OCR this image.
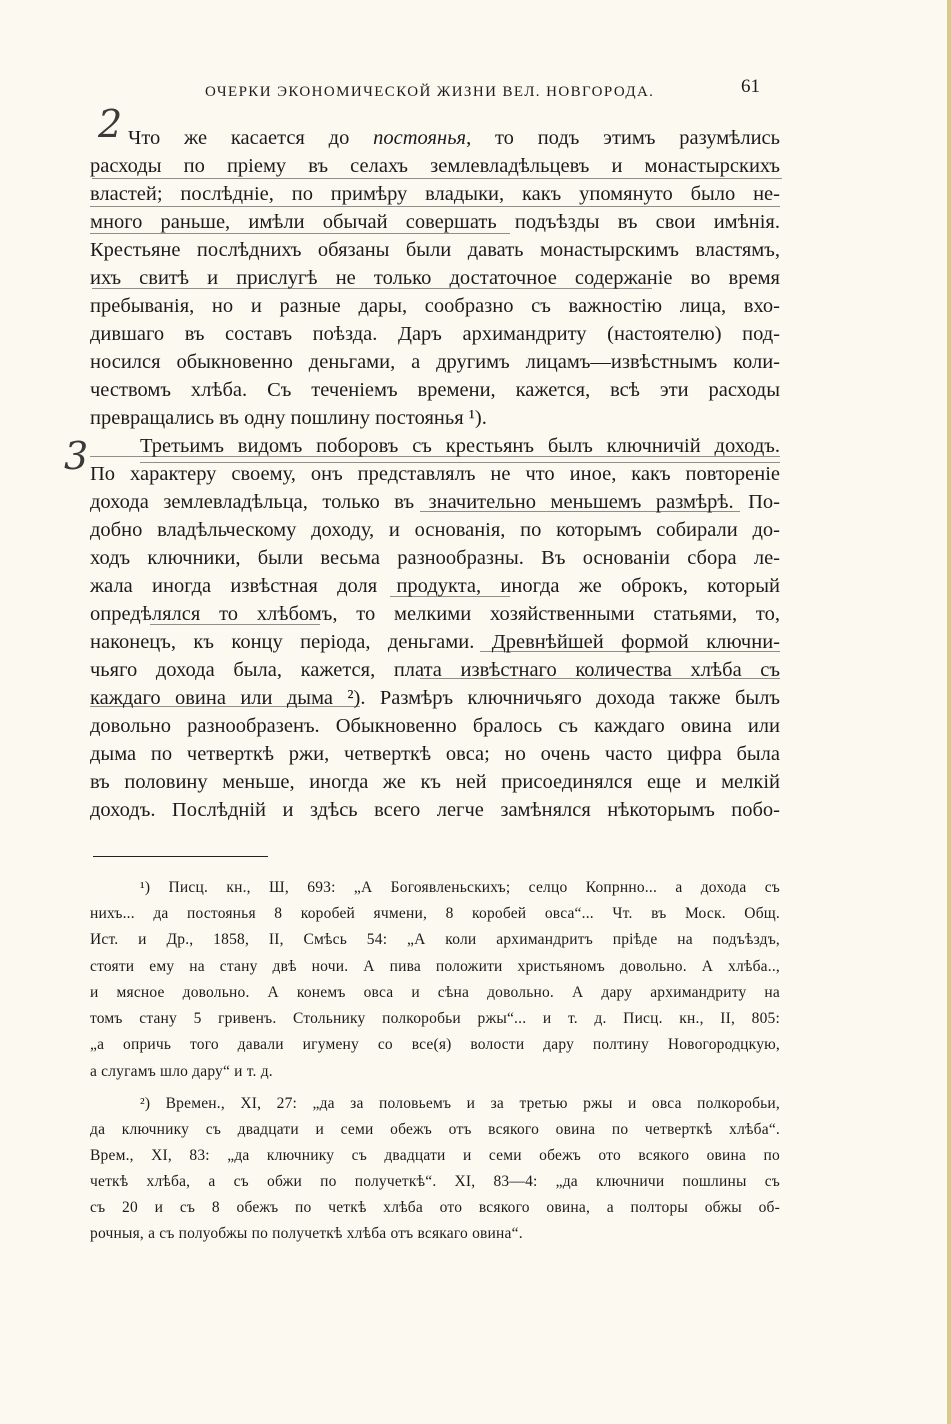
ОЧЕРКИ ЭКОНОМИЧЕСКОЙ ЖИЗНИ ВЕЛ. НОВГОРОДА.	61
2
3
Что же касается до постоянья, то подъ этимъ разумѣлись
расходы по пріему въ селахъ землевладѣльцевъ и монастырскихъ
властей; послѣдніе, по примѣру владыки, какъ упомянуто было не-
много раньше, имѣли обычай совершать подъѣзды въ свои имѣнія.
Крестьяне послѣднихъ обязаны были давать монастырскимъ властямъ,
ихъ свитѣ и прислугѣ не только достаточное содержаніе во время
пребыванія, но и разные дары, сообразно съ важностію лица, вхо-
дившаго въ составъ поѣзда. Даръ архимандриту (настоятелю) под-
носился обыкновенно деньгами, а другимъ лицамъ—извѣстнымъ коли-
чествомъ хлѣба. Съ теченіемъ времени, кажется, всѣ эти расходы
превращались въ одну пошлину постоянья ¹).
Третьимъ видомъ поборовъ съ крестьянъ былъ ключничій доходъ.
По характеру своему, онъ представлялъ не что иное, какъ повтореніе
дохода землевладѣльца, только въ значительно меньшемъ размѣрѣ. По-
добно владѣльческому доходу, и основанія, по которымъ собирали до-
ходъ ключники, были весьма разнообразны. Въ основаніи сбора ле-
жала иногда извѣстная доля продукта, иногда же оброкъ, который
опредѣлялся то хлѣбомъ, то мелкими хозяйственными статьями, то,
наконецъ, къ концу періода, деньгами. Древнѣйшей формой ключни-
чьяго дохода была, кажется, плата извѣстнаго количества хлѣба съ
каждаго овина или дыма ²). Размѣръ ключничьяго дохода также былъ
довольно разнообразенъ. Обыкновенно бралось съ каждаго овина или
дыма по четверткѣ ржи, четверткѣ овса; но очень часто цифра была
въ половину меньше, иногда же къ ней присоединялся еще и мелкій
доходъ. Послѣдній и здѣсь всего легче замѣнялся нѣкоторымъ побо-
¹) Писц. кн., Ш, 693: „А Богоявленьскихъ; селцо Копрнно... а дохода съ
нихъ... да постоянья 8 коробей ячмени, 8 коробей овса“... Чт. въ Моск. Общ.
Ист. и Др., 1858, II, Смѣсь 54: „А коли архимандритъ пріѣде на подъѣздъ,
стояти ему на стану двѣ ночи. А пива положити христьяномъ довольно. А хлѣба..,
и мясное довольно. А конемъ овса и сѣна довольно. А дару архимандриту на
томъ стану 5 гривенъ. Стольнику полкоробьи ржы“... и т. д. Писц. кн., II, 805:
„а опричь того давали игумену со все(я) волости дару полтину Новогородцкую,
а слугамъ шло дару“ и т. д.
²) Времен., XI, 27: „да за половьемъ и за третью ржы и овса полкоробьи,
да ключнику съ двадцати и семи обежъ отъ всякого овина по четверткѣ хлѣба“.
Врем., XI, 83: „да ключнику съ двадцати и семи обежъ ото всякого овина по
четкѣ хлѣба, а съ обжи по получеткѣ“. XI, 83—4: „да ключничи пошлины съ
съ 20 и съ 8 обежъ по четкѣ хлѣба ото всякого овина, а полторы обжы об-
рочныя, а съ полуобжы по получеткѣ хлѣба отъ всякаго овина“.
